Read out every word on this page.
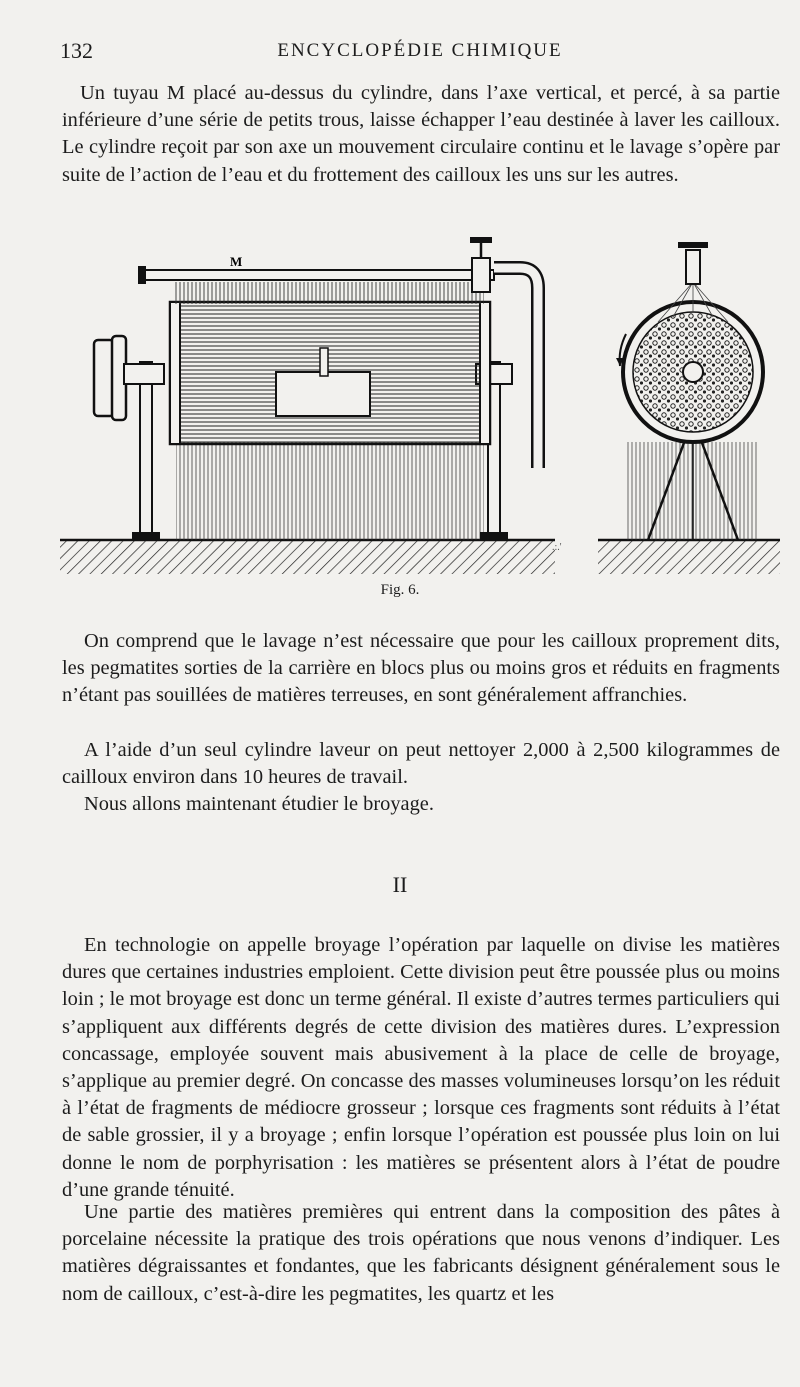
132	ENCYCLOPÉDIE CHIMIQUE

Un tuyau M placé au-dessus du cylindre, dans l’axe vertical, et percé, à sa partie inférieure d’une série de petits trous, laisse échapper l’eau destinée à laver les cailloux. Le cylindre reçoit par son axe un mouvement circulaire continu et le lavage s’opère par suite de l’action de l’eau et du frottement des cailloux les uns sur les autres.

M
.:.'
Fig. 6.

On comprend que le lavage n’est nécessaire que pour les cailloux proprement dits, les pegmatites sorties de la carrière en blocs plus ou moins gros et réduits en fragments n’étant pas souillées de matières terreuses, en sont généralement affranchies.

A l’aide d’un seul cylindre laveur on peut nettoyer 2,000 à 2,500 kilogrammes de cailloux environ dans 10 heures de travail.

Nous allons maintenant étudier le broyage.

II

En technologie on appelle broyage l’opération par laquelle on divise les matières dures que certaines industries emploient. Cette division peut être poussée plus ou moins loin ; le mot broyage est donc un terme général. Il existe d’autres termes particuliers qui s’appliquent aux différents degrés de cette division des matières dures. L’expression concassage, employée souvent mais abusivement à la place de celle de broyage, s’applique au premier degré. On concasse des masses volumineuses lorsqu’on les réduit à l’état de fragments de médiocre grosseur ; lorsque ces fragments sont réduits à l’état de sable grossier, il y a broyage ; enfin lorsque l’opération est poussée plus loin on lui donne le nom de porphyrisation : les matières se présentent alors à l’état de poudre d’une grande ténuité.

Une partie des matières premières qui entrent dans la composition des pâtes à porcelaine nécessite la pratique des trois opérations que nous venons d’indiquer. Les matières dégraissantes et fondantes, que les fabricants désignent généralement sous le nom de cailloux, c’est-à-dire les pegmatites, les quartz et les
